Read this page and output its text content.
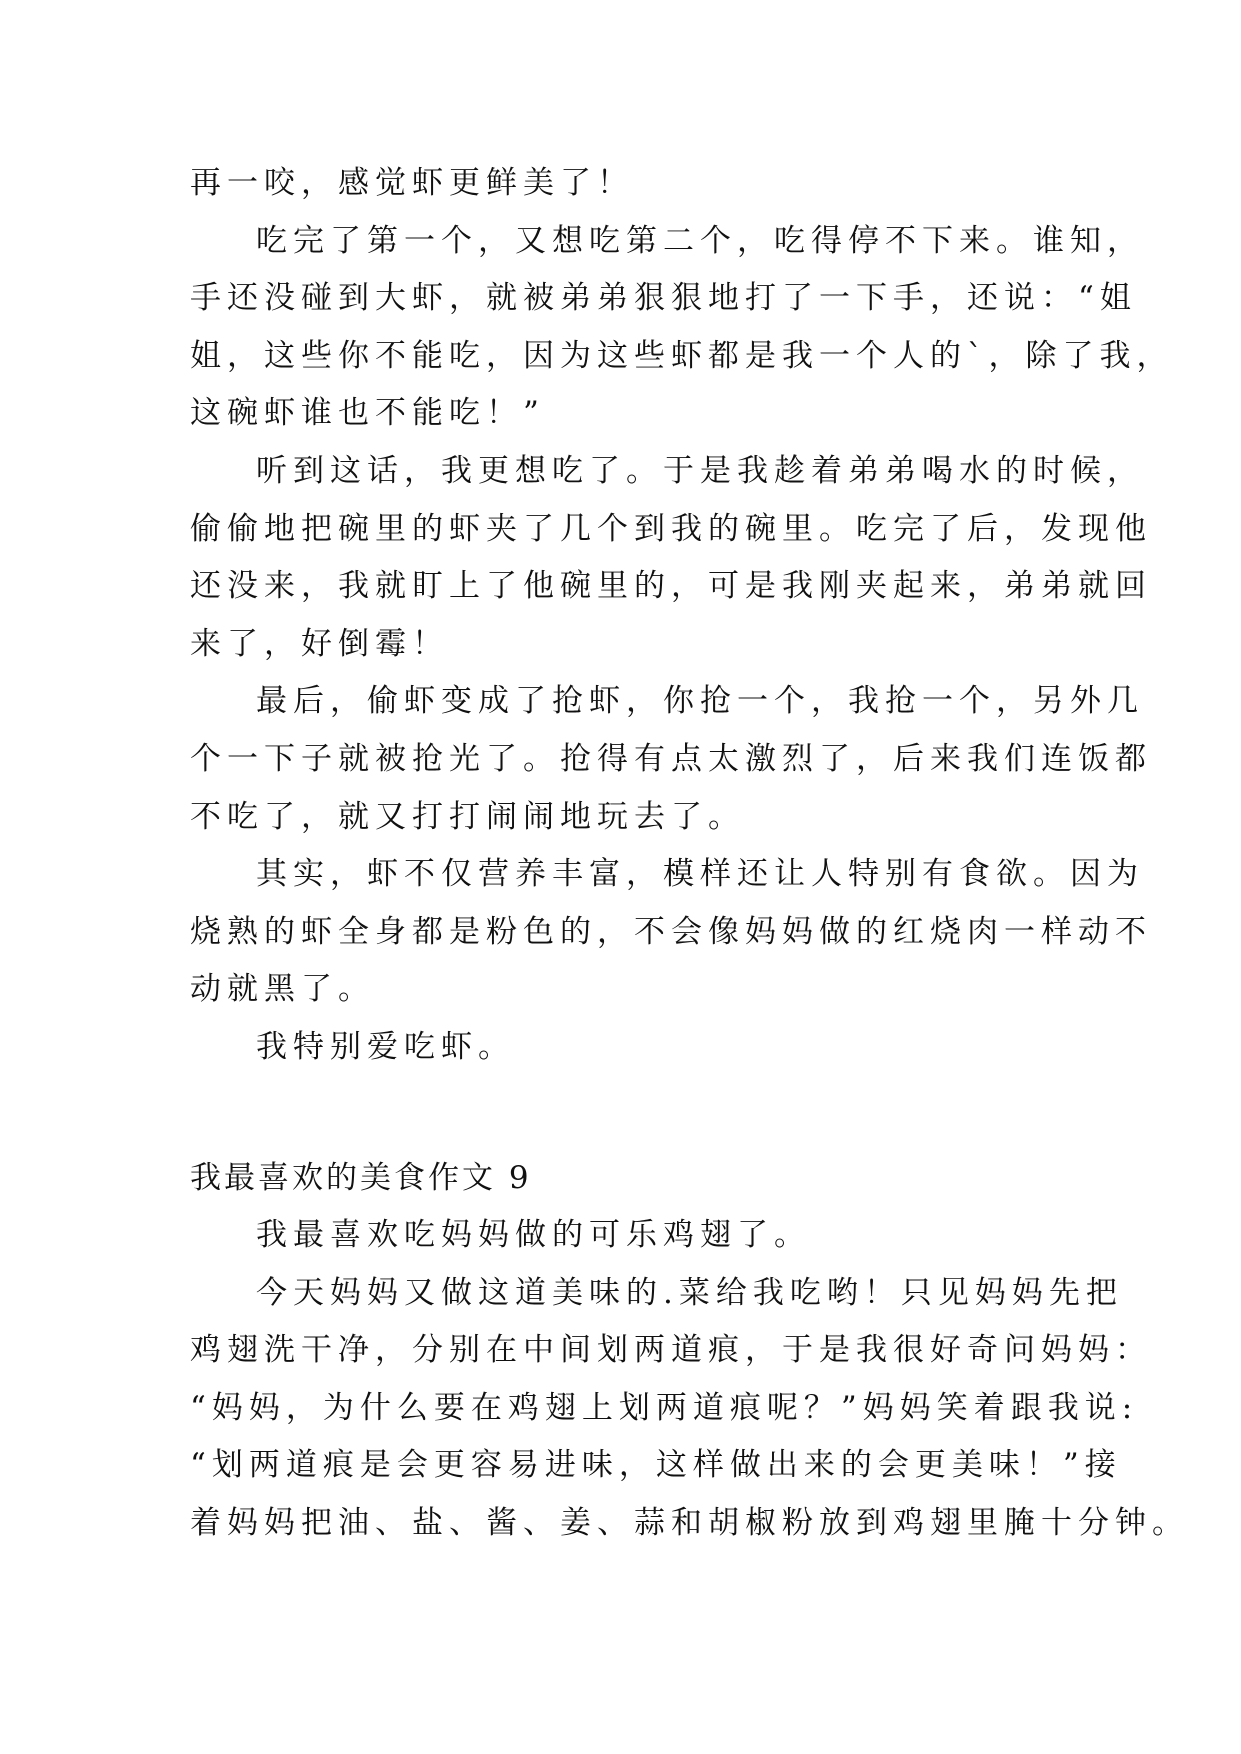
再一咬，感觉虾更鲜美了！
吃完了第一个，又想吃第二个，吃得停不下来。谁知，
手还没碰到大虾，就被弟弟狠狠地打了一下手，还说：“姐
姐，这些你不能吃，因为这些虾都是我一个人的`，除了我，
这碗虾谁也不能吃！”
听到这话，我更想吃了。于是我趁着弟弟喝水的时候，
偷偷地把碗里的虾夹了几个到我的碗里。吃完了后，发现他
还没来，我就盯上了他碗里的，可是我刚夹起来，弟弟就回
来了，好倒霉！
最后，偷虾变成了抢虾，你抢一个，我抢一个，另外几
个一下子就被抢光了。抢得有点太激烈了，后来我们连饭都
不吃了，就又打打闹闹地玩去了。
其实，虾不仅营养丰富，模样还让人特别有食欲。因为
烧熟的虾全身都是粉色的，不会像妈妈做的红烧肉一样动不
动就黑了。
我特别爱吃虾。
我最喜欢的美食作文 9
我最喜欢吃妈妈做的可乐鸡翅了。
今天妈妈又做这道美味的.菜给我吃哟！只见妈妈先把
鸡翅洗干净，分别在中间划两道痕，于是我很好奇问妈妈：
“妈妈，为什么要在鸡翅上划两道痕呢？”妈妈笑着跟我说:
“划两道痕是会更容易进味，这样做出来的会更美味！”接
着妈妈把油、盐、酱、姜、蒜和胡椒粉放到鸡翅里腌十分钟。
